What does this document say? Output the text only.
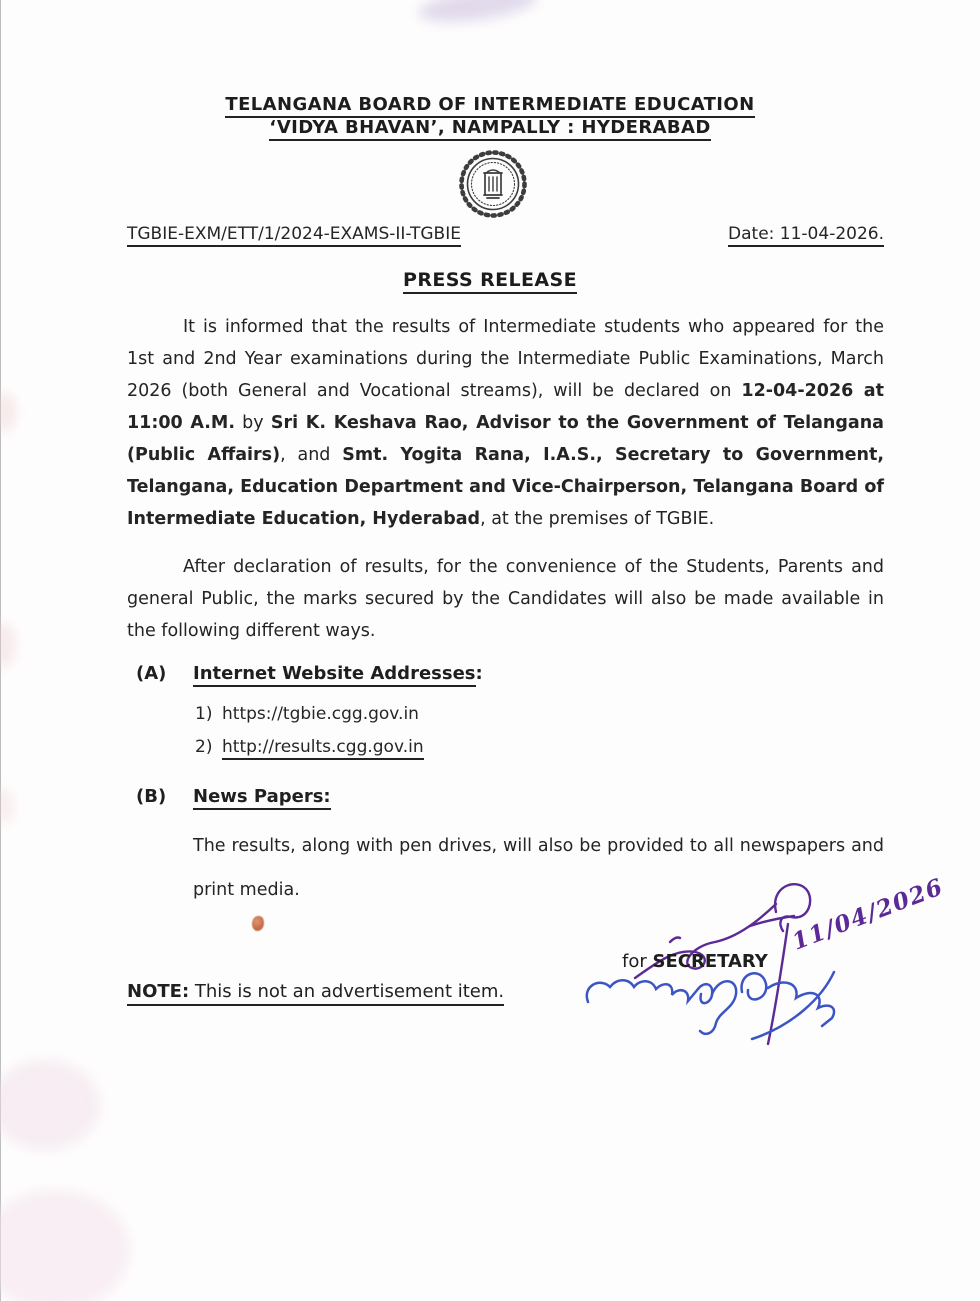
TELANGANA BOARD OF INTERMEDIATE EDUCATION
‘VIDYA BHAVAN’, NAMPALLY : HYDERABAD
TGBIE-EXM/ETT/1/2024-EXAMS-II-TGBIE	Date: 11-04-2026.
PRESS RELEASE

It is informed that the results of Intermediate students who appeared for the 1st and 2nd Year examinations during the Intermediate Public Examinations, March 2026 (both General and Vocational streams), will be declared on 12-04-2026 at 11:00 A.M. by Sri K. Keshava Rao, Advisor to the Government of Telangana (Public Affairs), and Smt. Yogita Rana, I.A.S., Secretary to Government, Telangana, Education Department and Vice-Chairperson, Telangana Board of Intermediate Education, Hyderabad, at the premises of TGBIE.

After declaration of results, for the convenience of the Students, Parents and general Public, the marks secured by the Candidates will also be made available in the following different ways.

(A) Internet Website Addresses:
1) https://tgbie.cgg.gov.in
2) http://results.cgg.gov.in
(B) News Papers:

The results, along with pen drives, will also be provided to all newspapers and print media.	11/04/2026
for SECRETARY
NOTE: This is not an advertisement item.
